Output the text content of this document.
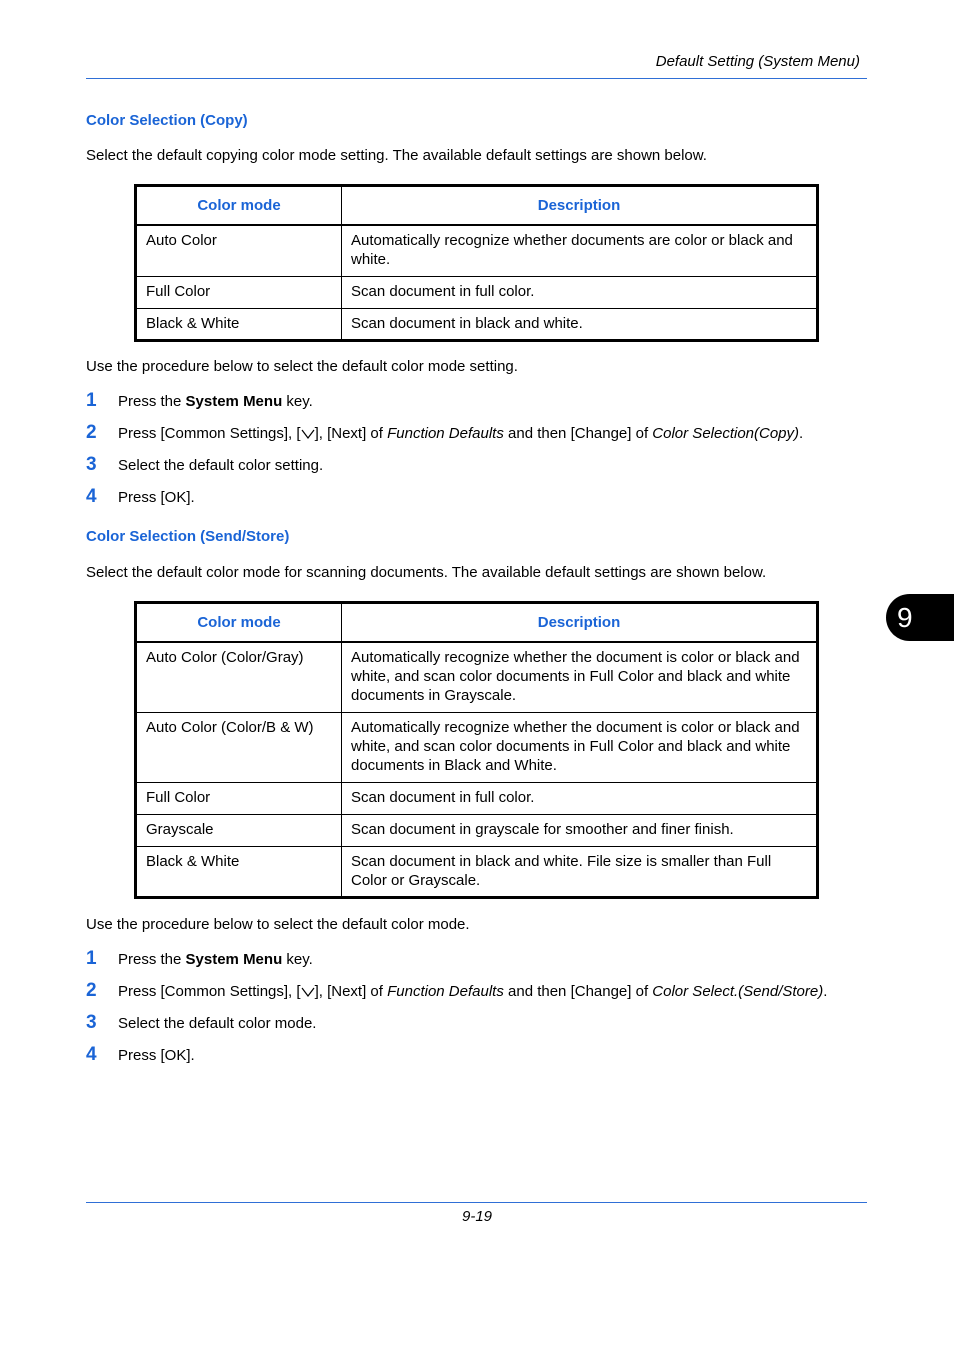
Default Setting (System Menu)
Color Selection (Copy)
Select the default copying color mode setting. The available default settings are shown below.
Color mode	Description
Auto Color	Automatically recognize whether documents are color or black and white.
Full Color	Scan document in full color.
Black & White	Scan document in black and white.
Use the procedure below to select the default color mode setting.
1 Press the System Menu key.
2 Press [Common Settings], [ ], [Next] of Function Defaults and then [Change] of Color Selection(Copy).
3 Select the default color setting.
4 Press [OK].
Color Selection (Send/Store)
Select the default color mode for scanning documents. The available default settings are shown below.
Color mode	Description
Auto Color (Color/Gray)	Automatically recognize whether the document is color or black and white, and scan color documents in Full Color and black and white documents in Grayscale.
Auto Color (Color/B & W)	Automatically recognize whether the document is color or black and white, and scan color documents in Full Color and black and white documents in Black and White.
Full Color	Scan document in full color.
Grayscale	Scan document in grayscale for smoother and finer finish.
Black & White	Scan document in black and white. File size is smaller than Full Color or Grayscale.
Use the procedure below to select the default color mode.
1 Press the System Menu key.
2 Press [Common Settings], [ ], [Next] of Function Defaults and then [Change] of Color Select.(Send/Store).
3 Select the default color mode.
4 Press [OK].
9
9-19
